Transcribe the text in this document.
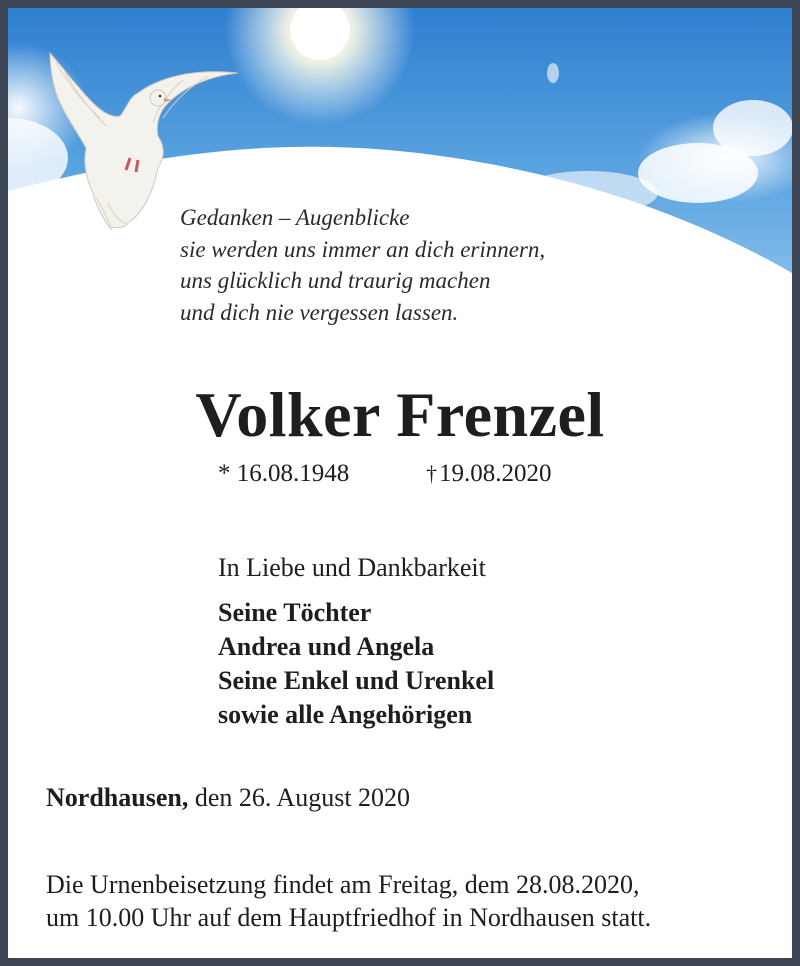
Gedanken – Augenblicke
sie werden uns immer an dich erinnern,
uns glücklich und traurig machen
und dich nie vergessen lassen.
Volker Frenzel
* 16.08.1948	†19.08.2020
In Liebe und Dankbarkeit
Seine Töchter
Andrea und Angela
Seine Enkel und Urenkel
sowie alle Angehörigen
Nordhausen, den 26. August 2020
Die Urnenbeisetzung findet am Freitag, dem 28.08.2020,
um 10.00 Uhr auf dem Hauptfriedhof in Nordhausen statt.
